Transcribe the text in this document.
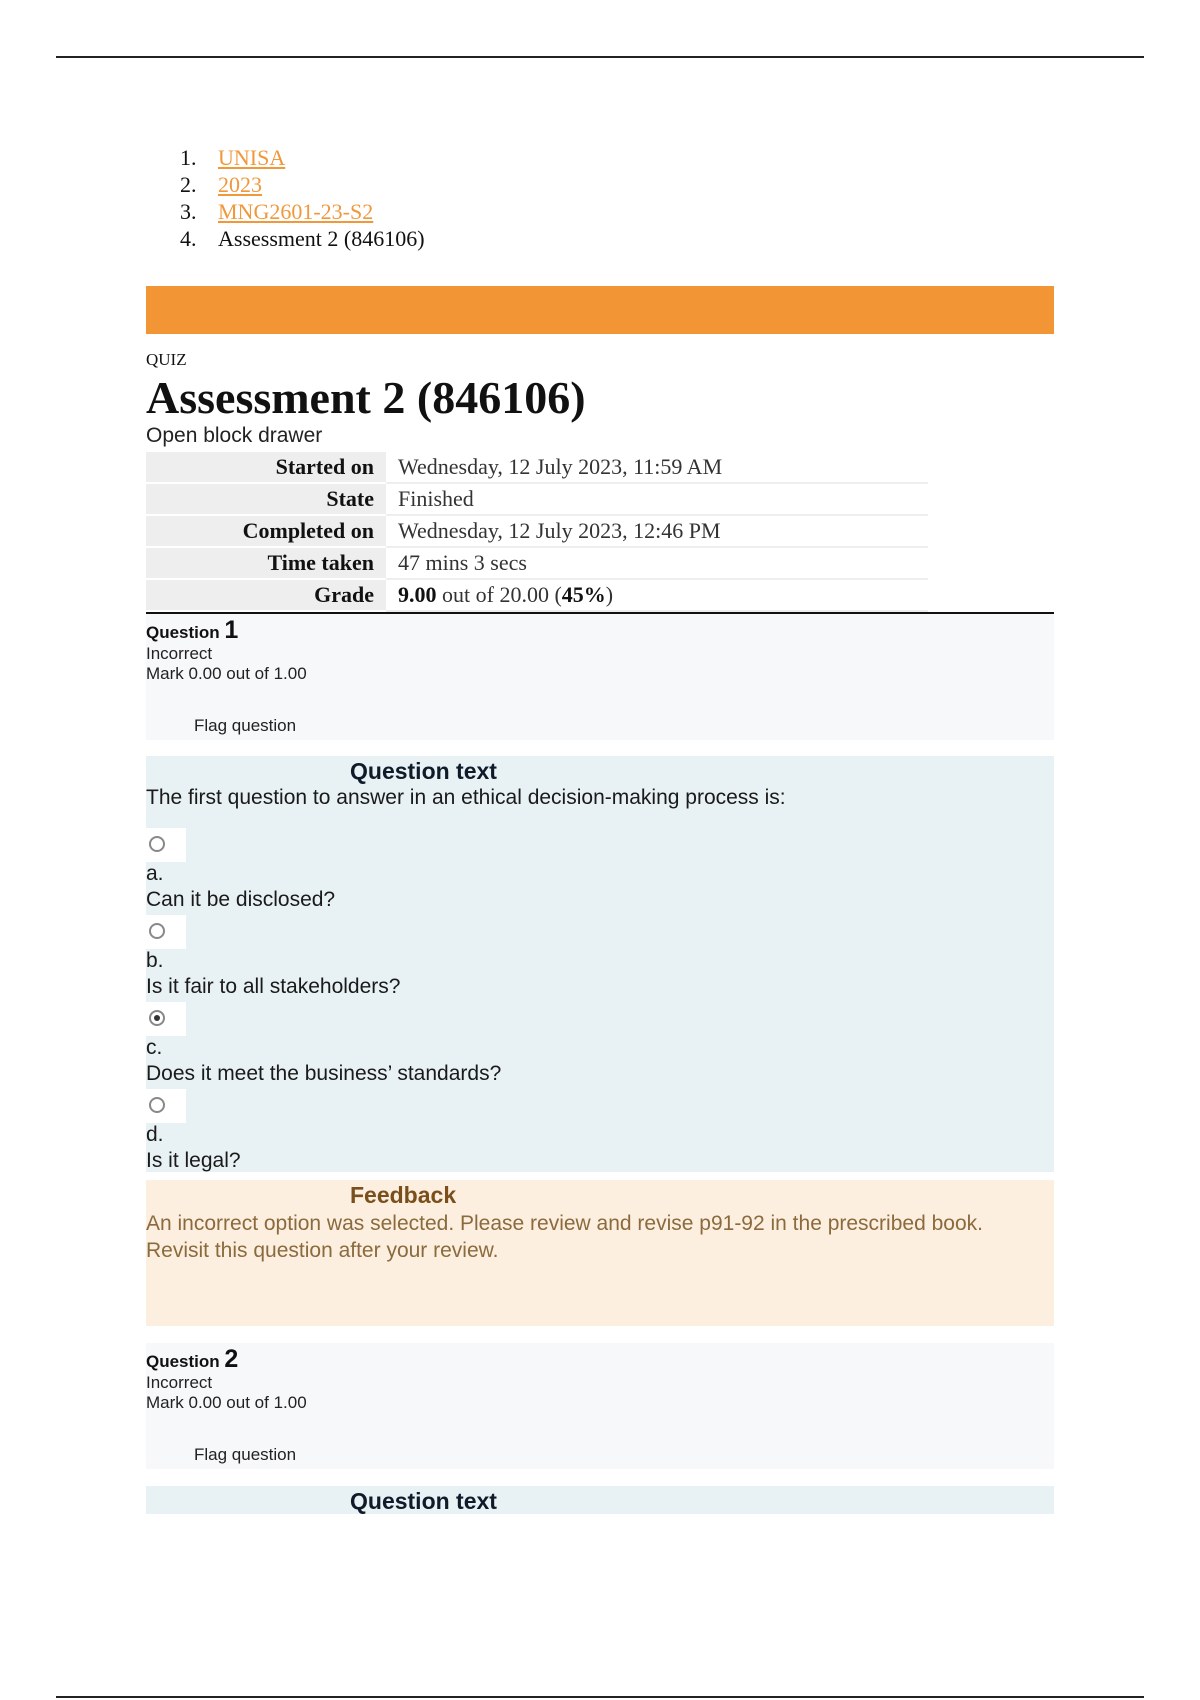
1. UNISA
2. 2023
3. MNG2601-23-S2
4. Assessment 2 (846106)
QUIZ
Assessment 2 (846106)
Open block drawer
Started on	Wednesday, 12 July 2023, 11:59 AM
State	Finished
Completed on	Wednesday, 12 July 2023, 12:46 PM
Time taken	47 mins 3 secs
Grade	9.00 out of 20.00 (45%)
Question 1
Incorrect
Mark 0.00 out of 1.00
Flag question
Question text
The first question to answer in an ethical decision-making process is:
a.
Can it be disclosed?
b.
Is it fair to all stakeholders?
c.
Does it meet the business’ standards?
d.
Is it legal?
Feedback
An incorrect option was selected. Please review and revise p91-92 in the prescribed book. Revisit this question after your review.
Question 2
Incorrect
Mark 0.00 out of 1.00
Flag question
Question text
